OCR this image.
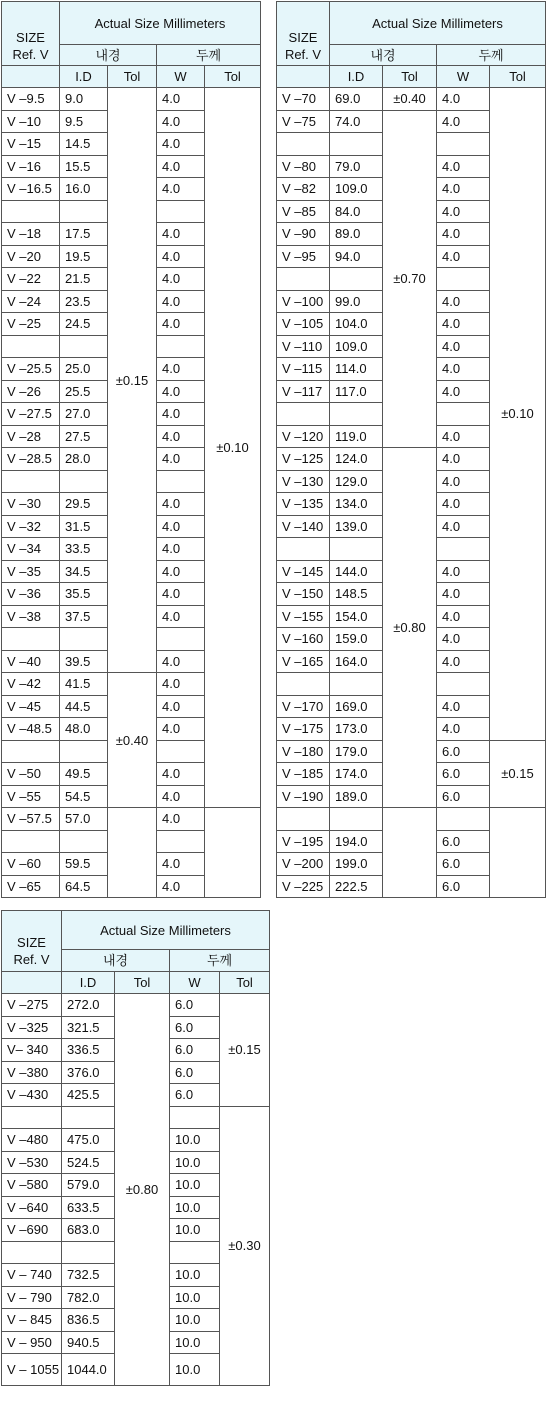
SIZE
Ref. V	Actual Size Millimeters			
	내경		두께	
	I.D	Tol	W	Tol
V –9.5	9.0	±0.15	4.0	±0.10
V –10	9.5		4.0	
V –15	14.5		4.0	
V –16	15.5		4.0	
V –16.5	16.0		4.0	

V –18	17.5		4.0	
V –20	19.5		4.0	
V –22	21.5		4.0	
V –24	23.5		4.0	
V –25	24.5		4.0	

V –25.5	25.0		4.0	
V –26	25.5		4.0	
V –27.5	27.0		4.0	
V –28	27.5		4.0	
V –28.5	28.0		4.0	

V –30	29.5		4.0	
V –32	31.5		4.0	
V –34	33.5		4.0	
V –35	34.5		4.0	
V –36	35.5		4.0	
V –38	37.5		4.0	

V –40	39.5		4.0	
V –42	41.5	±0.40	4.0	
V –45	44.5		4.0	
V –48.5	48.0		4.0	

V –50	49.5		4.0	
V –55	54.5		4.0	
V –57.5	57.0		4.0	

V –60	59.5		4.0	
V –65	64.5		4.0	
SIZE
Ref. V	Actual Size Millimeters			
	내경		두께	
	I.D	Tol	W	Tol
V –70	69.0	±0.40	4.0	±0.10
V –75	74.0	±0.70	4.0	

V –80	79.0		4.0	
V –82	109.0		4.0	
V –85	84.0		4.0	
V –90	89.0		4.0	
V –95	94.0		4.0	

V –100	99.0		4.0	
V –105	104.0		4.0	
V –110	109.0		4.0	
V –115	114.0		4.0	
V –117	117.0		4.0	

V –120	119.0		4.0	
V –125	124.0	±0.80	4.0	
V –130	129.0		4.0	
V –135	134.0		4.0	
V –140	139.0		4.0	

V –145	144.0		4.0	
V –150	148.5		4.0	
V –155	154.0		4.0	
V –160	159.0		4.0	
V –165	164.0		4.0	

V –170	169.0		4.0	
V –175	173.0		4.0	
V –180	179.0		6.0	±0.15
V –185	174.0		6.0	
V –190	189.0		6.0	

V –195	194.0		6.0	
V –200	199.0		6.0	
V –225	222.5		6.0	
SIZE
Ref. V	Actual Size Millimeters			
	내경		두께	
	I.D	Tol	W	Tol
V –275	272.0	±0.80	6.0	±0.15
V –325	321.5		6.0	
V– 340	336.5		6.0	
V –380	376.0		6.0	
V –430	425.5		6.0	
				±0.30
V –480	475.0		10.0	
V –530	524.5		10.0	
V –580	579.0		10.0	
V –640	633.5		10.0	
V –690	683.0		10.0	

V – 740	732.5		10.0	
V – 790	782.0		10.0	
V – 845	836.5		10.0	
V – 950	940.5		10.0	
V – 1055	1044.0		10.0	
